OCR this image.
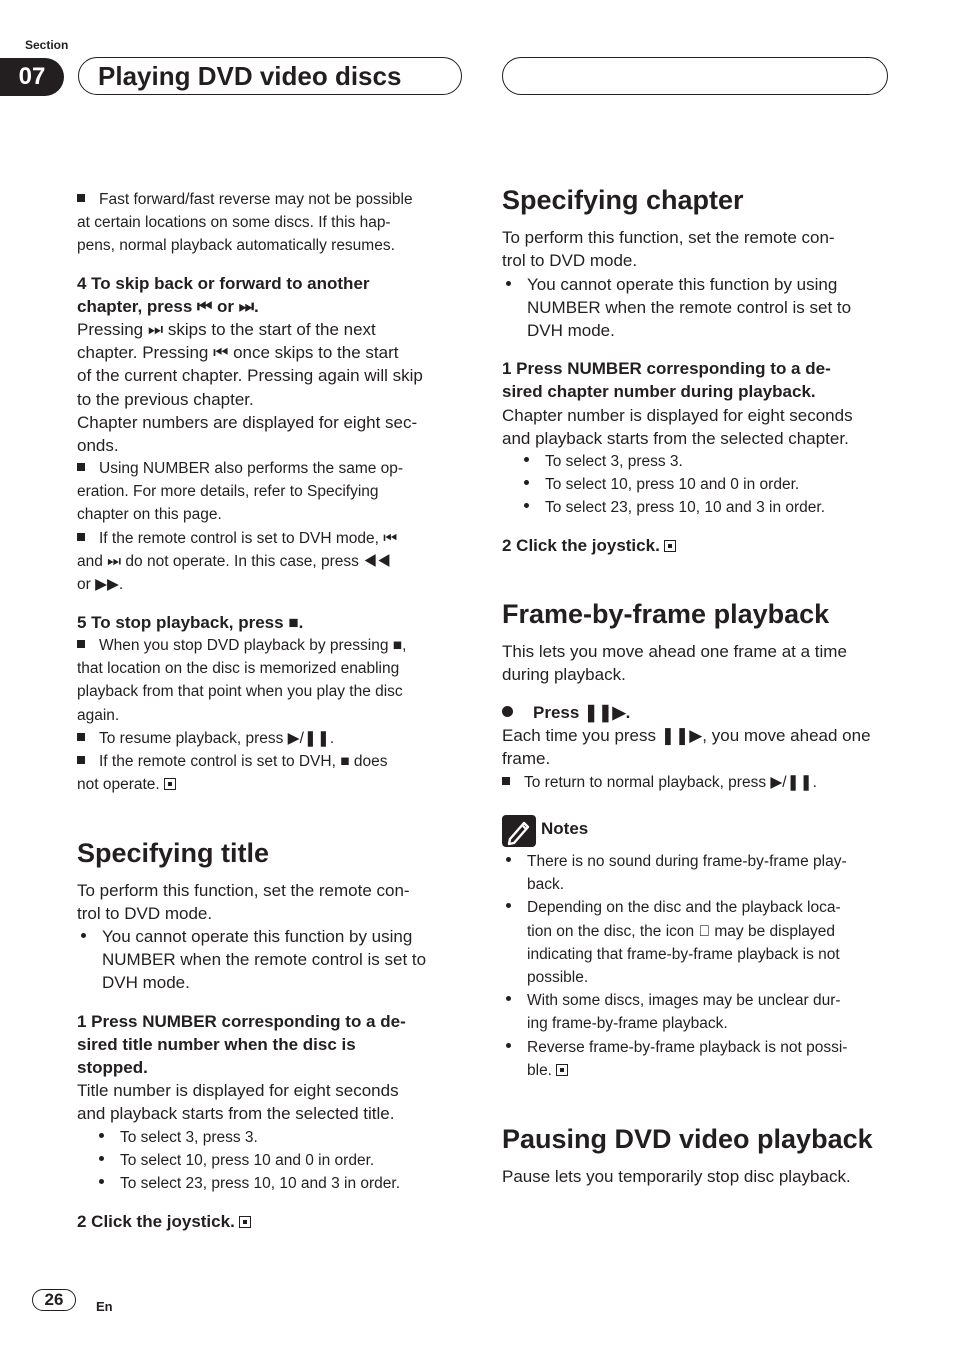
Section
07	Playing DVD video discs
Fast forward/fast reverse may not be possible
at certain locations on some discs. If this hap-
pens, normal playback automatically resumes.
4 To skip back or forward to another
chapter, press ⏮ or ⏭.
Pressing ⏭ skips to the start of the next
chapter. Pressing ⏮ once skips to the start
of the current chapter. Pressing again will skip
to the previous chapter.
Chapter numbers are displayed for eight sec-
onds.
Using NUMBER also performs the same op-
eration. For more details, refer to Specifying
chapter on this page.
If the remote control is set to DVH mode, ⏮
and ⏭ do not operate. In this case, press ◀◀
or ▶▶.
5 To stop playback, press ■.
When you stop DVD playback by pressing ■,
that location on the disc is memorized enabling
playback from that point when you play the disc
again.
To resume playback, press ▶/❚❚.
If the remote control is set to DVH, ■ does
not operate.
Specifying title
To perform this function, set the remote con-
trol to DVD mode.
You cannot operate this function by using
NUMBER when the remote control is set to
DVH mode.
1 Press NUMBER corresponding to a de-
sired title number when the disc is
stopped.
Title number is displayed for eight seconds
and playback starts from the selected title.
To select 3, press 3.
To select 10, press 10 and 0 in order.
To select 23, press 10, 10 and 3 in order.
2 Click the joystick.
Specifying chapter
To perform this function, set the remote con-
trol to DVD mode.
You cannot operate this function by using
NUMBER when the remote control is set to
DVH mode.
1 Press NUMBER corresponding to a de-
sired chapter number during playback.
Chapter number is displayed for eight seconds
and playback starts from the selected chapter.
To select 3, press 3.
To select 10, press 10 and 0 in order.
To select 23, press 10, 10 and 3 in order.
2 Click the joystick.
Frame-by-frame playback
This lets you move ahead one frame at a time
during playback.
Press ❚❚▶.
Each time you press ❚❚▶, you move ahead one
frame.
To return to normal playback, press ▶/❚❚.
Notes
There is no sound during frame-by-frame play-
back.
Depending on the disc and the playback loca-
tion on the disc, the icon ⃠ may be displayed
indicating that frame-by-frame playback is not
possible.
With some discs, images may be unclear dur-
ing frame-by-frame playback.
Reverse frame-by-frame playback is not possi-
ble.
Pausing DVD video playback
Pause lets you temporarily stop disc playback.
26	En
